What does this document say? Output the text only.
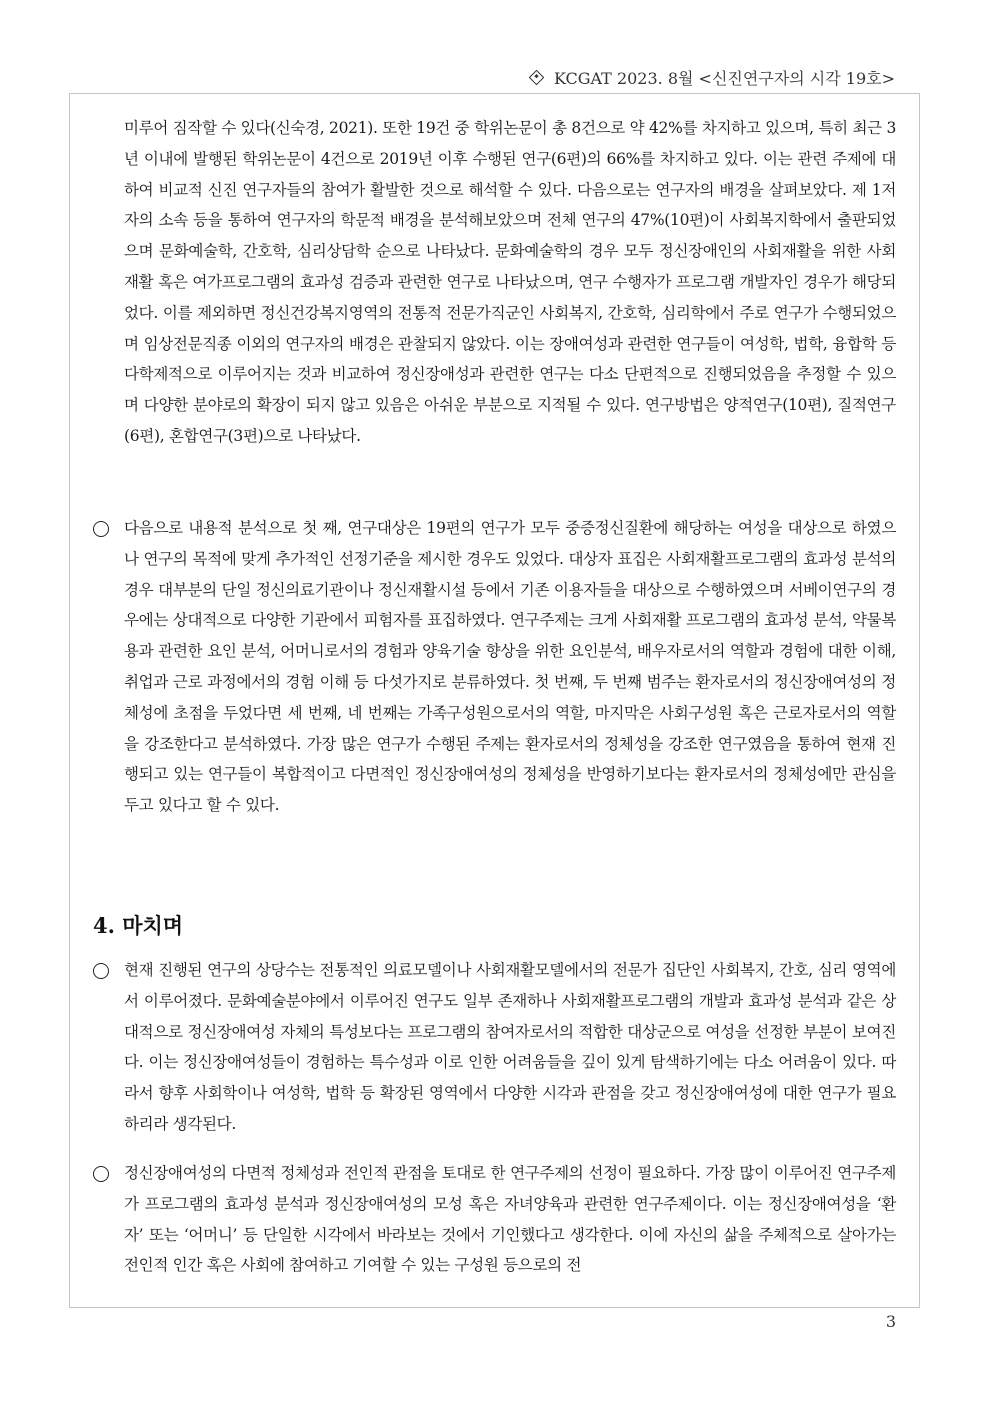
KCGAT 2023. 8월 <신진연구자의 시각 19호>
미루어 짐작할 수 있다(신숙경, 2021). 또한 19건 중 학위논문이 총 8건으로 약 42%를 차지하고 있으며, 특히 최근 3년 이내에 발행된 학위논문이 4건으로 2019년 이후 수행된 연구(6편)의 66%를 차지하고 있다. 이는 관련 주제에 대하여 비교적 신진 연구자들의 참여가 활발한 것으로 해석할 수 있다. 다음으로는 연구자의 배경을 살펴보았다. 제 1저자의 소속 등을 통하여 연구자의 학문적 배경을 분석해보았으며 전체 연구의 47%(10편)이 사회복지학에서 출판되었으며 문화예술학, 간호학, 심리상담학 순으로 나타났다. 문화예술학의 경우 모두 정신장애인의 사회재활을 위한 사회재활 혹은 여가프로그램의 효과성 검증과 관련한 연구로 나타났으며, 연구 수행자가 프로그램 개발자인 경우가 해당되었다. 이를 제외하면 정신건강복지영역의 전통적 전문가직군인 사회복지, 간호학, 심리학에서 주로 연구가 수행되었으며 임상전문직종 이외의 연구자의 배경은 관찰되지 않았다. 이는 장애여성과 관련한 연구들이 여성학, 법학, 융합학 등 다학제적으로 이루어지는 것과 비교하여 정신장애성과 관련한 연구는 다소 단편적으로 진행되었음을 추정할 수 있으며 다양한 분야로의 확장이 되지 않고 있음은 아쉬운 부분으로 지적될 수 있다. 연구방법은 양적연구(10편), 질적연구(6편), 혼합연구(3편)으로 나타났다.
다음으로 내용적 분석으로 첫 째, 연구대상은 19편의 연구가 모두 중증정신질환에 해당하는 여성을 대상으로 하였으나 연구의 목적에 맞게 추가적인 선정기준을 제시한 경우도 있었다. 대상자 표집은 사회재활프로그램의 효과성 분석의 경우 대부분의 단일 정신의료기관이나 정신재활시설 등에서 기존 이용자들을 대상으로 수행하였으며 서베이연구의 경우에는 상대적으로 다양한 기관에서 피험자를 표집하였다. 연구주제는 크게 사회재활 프로그램의 효과성 분석, 약물복용과 관련한 요인 분석, 어머니로서의 경험과 양육기술 향상을 위한 요인분석, 배우자로서의 역할과 경험에 대한 이해, 취업과 근로 과정에서의 경험 이해 등 다섯가지로 분류하였다. 첫 번째, 두 번째 범주는 환자로서의 정신장애여성의 정체성에 초점을 두었다면 세 번째, 네 번째는 가족구성원으로서의 역할, 마지막은 사회구성원 혹은 근로자로서의 역할을 강조한다고 분석하였다. 가장 많은 연구가 수행된 주제는 환자로서의 정체성을 강조한 연구였음을 통하여 현재 진행되고 있는 연구들이 복합적이고 다면적인 정신장애여성의 정체성을 반영하기보다는 환자로서의 정체성에만 관심을 두고 있다고 할 수 있다.
4. 마치며
현재 진행된 연구의 상당수는 전통적인 의료모델이나 사회재활모델에서의 전문가 집단인 사회복지, 간호, 심리 영역에서 이루어졌다. 문화예술분야에서 이루어진 연구도 일부 존재하나 사회재활프로그램의 개발과 효과성 분석과 같은 상대적으로 정신장애여성 자체의 특성보다는 프로그램의 참여자로서의 적합한 대상군으로 여성을 선정한 부분이 보여진다. 이는 정신장애여성들이 경험하는 특수성과 이로 인한 어려움들을 깊이 있게 탐색하기에는 다소 어려움이 있다. 따라서 향후 사회학이나 여성학, 법학 등 확장된 영역에서 다양한 시각과 관점을 갖고 정신장애여성에 대한 연구가 필요하리라 생각된다.
정신장애여성의 다면적 정체성과 전인적 관점을 토대로 한 연구주제의 선정이 필요하다. 가장 많이 이루어진 연구주제가 프로그램의 효과성 분석과 정신장애여성의 모성 혹은 자녀양육과 관련한 연구주제이다. 이는 정신장애여성을 ‘환자’ 또는 ‘어머니’ 등 단일한 시각에서 바라보는 것에서 기인했다고 생각한다. 이에 자신의 삶을 주체적으로 살아가는 전인적 인간 혹은 사회에 참여하고 기여할 수 있는 구성원 등으로의 전
3
